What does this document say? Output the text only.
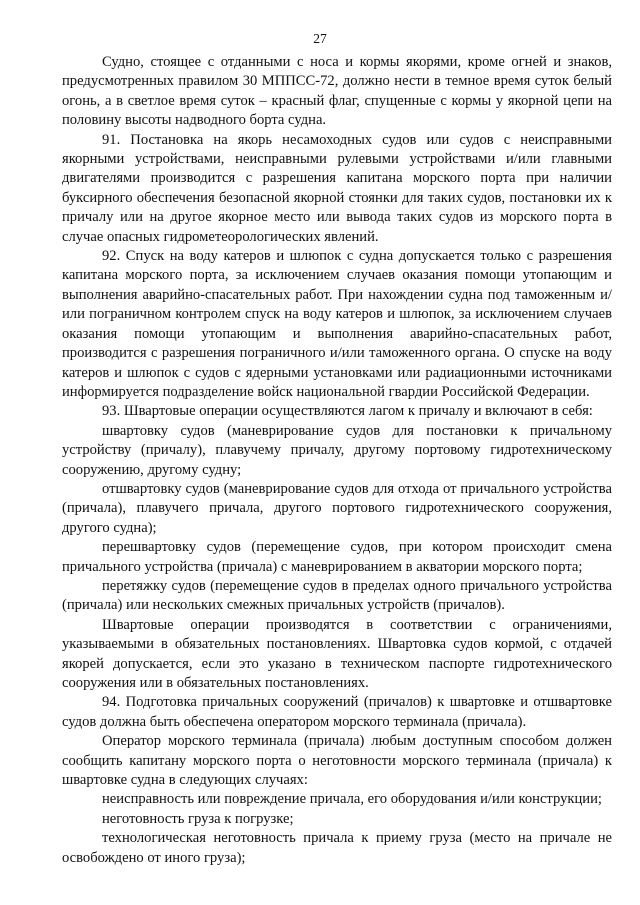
27

Судно, стоящее с отданными с носа и кормы якорями, кроме огней и знаков, предусмотренных правилом 30 МППСС-72, должно нести в темное время суток белый огонь, а в светлое время суток – красный флаг, спущенные с кормы у якорной цепи на половину высоты надводного борта судна.

91. Постановка на якорь несамоходных судов или судов с неисправными якорными устройствами, неисправными рулевыми устройствами и/или главными двигателями производится с разрешения капитана морского порта при наличии буксирного обеспечения безопасной якорной стоянки для таких судов, постановки их к причалу или на другое якорное место или вывода таких судов из морского порта в случае опасных гидрометеорологических явлений.

92. Спуск на воду катеров и шлюпок с судна допускается только с разрешения капитана морского порта, за исключением случаев оказания помощи утопающим и выполнения аварийно-спасательных работ. При нахождении судна под таможенным и/или пограничном контролем спуск на воду катеров и шлюпок, за исключением случаев оказания помощи утопающим и выполнения аварийно-спасательных работ, производится с разрешения пограничного и/или таможенного органа. О спуске на воду катеров и шлюпок с судов с ядерными установками или радиационными источниками информируется подразделение войск национальной гвардии Российской Федерации.

93. Швартовые операции осуществляются лагом к причалу и включают в себя:

швартовку судов (маневрирование судов для постановки к причальному устройству (причалу), плавучему причалу, другому портовому гидротехническому сооружению, другому судну;

отшвартовку судов (маневрирование судов для отхода от причального устройства (причала), плавучего причала, другого портового гидротехнического сооружения, другого судна);

перешвартовку судов (перемещение судов, при котором происходит смена причального устройства (причала) с маневрированием в акватории морского порта;

перетяжку судов (перемещение судов в пределах одного причального устройства (причала) или нескольких смежных причальных устройств (причалов).

Швартовые операции производятся в соответствии с ограничениями, указываемыми в обязательных постановлениях. Швартовка судов кормой, с отдачей якорей допускается, если это указано в техническом паспорте гидротехнического сооружения или в обязательных постановлениях.

94. Подготовка причальных сооружений (причалов) к швартовке и отшвартовке судов должна быть обеспечена оператором морского терминала (причала).

Оператор морского терминала (причала) любым доступным способом должен сообщить капитану морского порта о неготовности морского терминала (причала) к швартовке судна в следующих случаях:

неисправность или повреждение причала, его оборудования и/или конструкции;

неготовность груза к погрузке;

технологическая неготовность причала к приему груза (место на причале не освобождено от иного груза);
